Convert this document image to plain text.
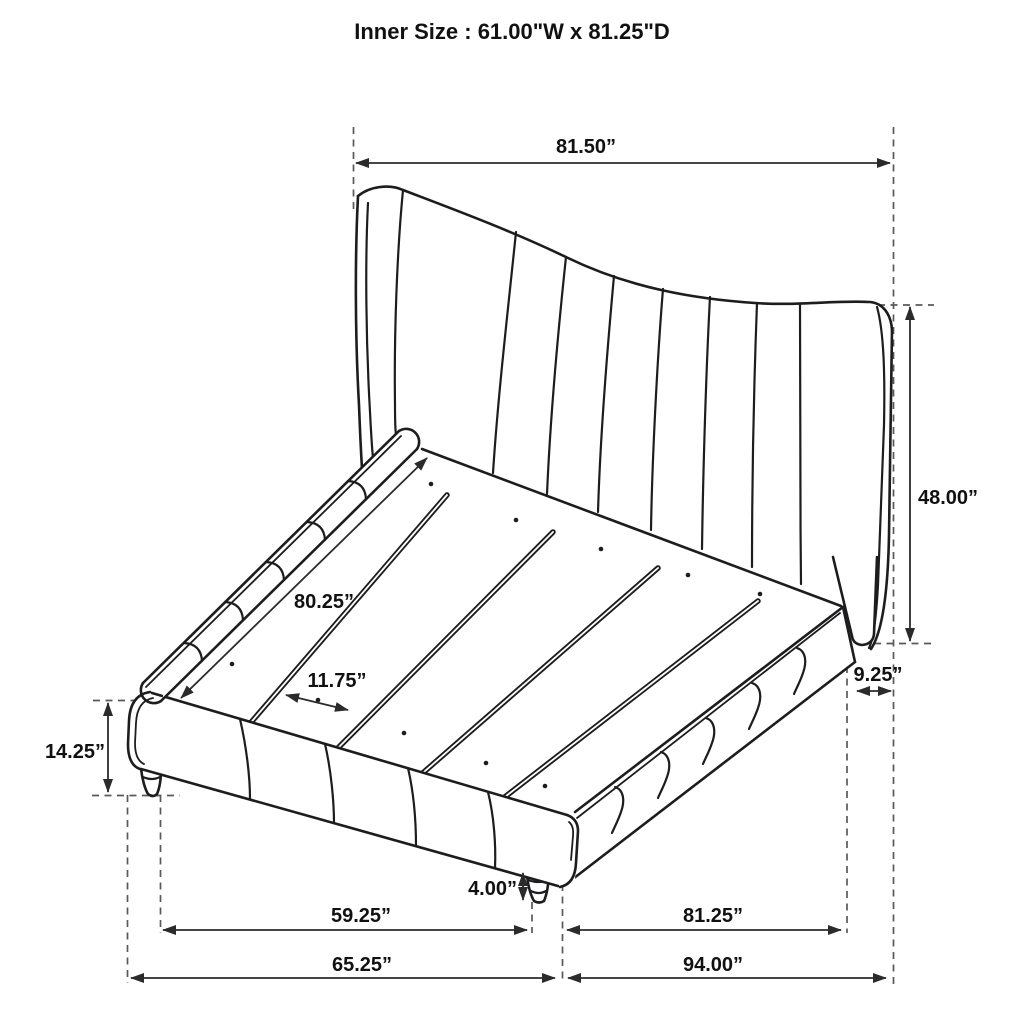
Inner Size : 61.00"W x 81.25"D
81.50”
48.00”
9.25”
80.25”
11.75”
14.25”
4.00”
59.25”	81.25”
65.25”	94.00”
